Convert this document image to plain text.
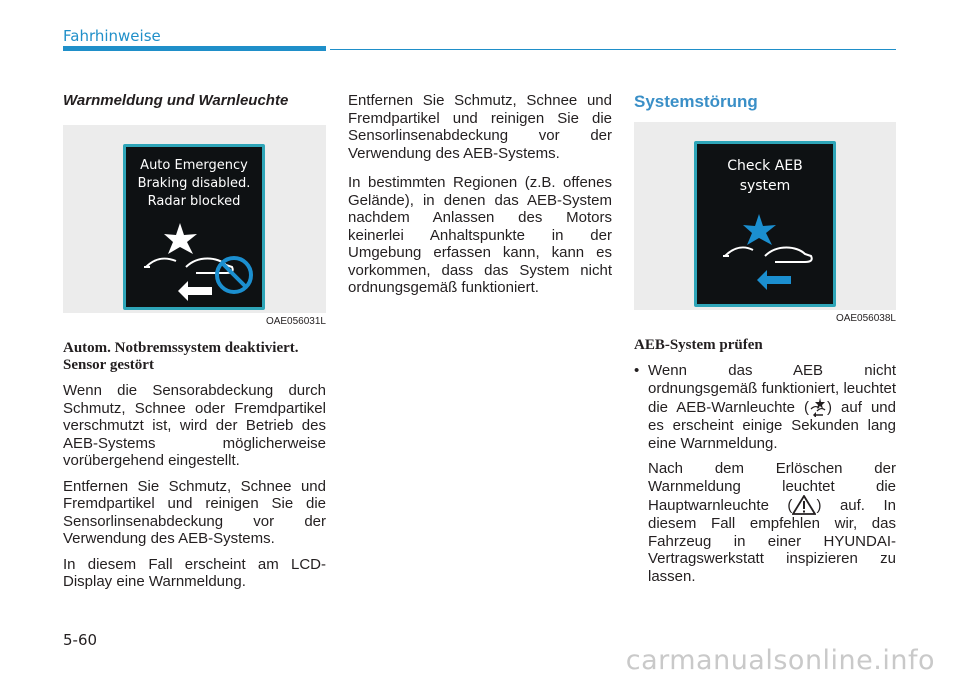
Fahrhinweise
Warnmeldung und Warnleuchte
Auto Emergency
Braking disabled.
Radar blocked
OAE056031L
Autom. Notbremssystem deaktiviert. Sensor gestört

Wenn die Sensorabdeckung durch Schmutz, Schnee oder Fremdpartikel verschmutzt ist, wird der Betrieb des AEB-Systems möglicherweise vorübergehend eingestellt.

Entfernen Sie Schmutz, Schnee und Fremdpartikel und reinigen Sie die Sensorlinsenabdeckung vor der Verwendung des AEB-Systems.

In diesem Fall erscheint am LCD-Display eine Warnmeldung.

Entfernen Sie Schmutz, Schnee und Fremdpartikel und reinigen Sie die Sensorlinsenabdeckung vor der Verwendung des AEB-Systems.

In bestimmten Regionen (z.B. offenes Gelände), in denen das AEB-System nachdem Anlassen des Motors keinerlei Anhaltspunkte in der Umgebung erfassen kann, kann es vorkommen, dass das System nicht ordnungsgemäß funktioniert.

Systemstörung
Check AEB
system
OAE056038L
AEB-System prüfen
• Wenn das AEB nicht ordnungsgemäß funktioniert, leuchtet die AEB-Warnleuchte ( ) auf und es erscheint einige Sekunden lang eine Warnmeldung.

Nach dem Erlöschen der Warnmeldung leuchtet die Hauptwarnleuchte ( ) auf. In diesem Fall empfehlen wir, das Fahrzeug in einer HYUNDAI-Vertragswerkstatt inspizieren zu lassen.

5-60
carmanualsonline.info
